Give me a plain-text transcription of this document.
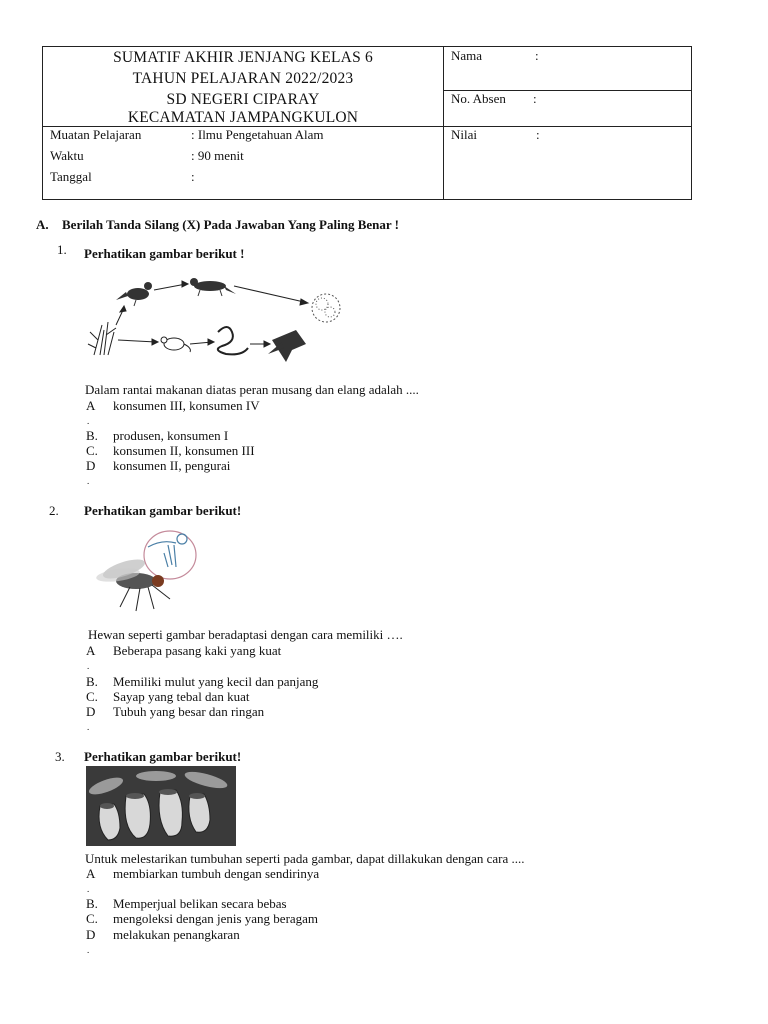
SUMATIF AKHIR JENJANG KELAS 6
TAHUN PELAJARAN 2022/2023
SD NEGERI CIPARAY
KECAMATAN JAMPANGKULON
Nama	:
No. Absen :
Nilai	:
Muatan Pelajaran	: Ilmu Pengetahuan Alam
Waktu	: 90 menit
Tanggal	:
A. Berilah Tanda Silang (X) Pada Jawaban Yang Paling Benar !
1. Perhatikan gambar berikut !
Dalam rantai makanan diatas peran musang dan elang adalah ....
A konsumen III, konsumen IV
.
B. produsen, konsumen I
C. konsumen II, konsumen III
D konsumen II, pengurai
.
2. Perhatikan gambar berikut!
Hewan seperti gambar beradaptasi dengan cara memiliki ….
A Beberapa pasang kaki yang kuat
.
B. Memiliki mulut yang kecil dan panjang
C. Sayap yang tebal dan kuat
D Tubuh yang besar dan ringan
.
3. Perhatikan gambar berikut!
Untuk melestarikan tumbuhan seperti pada gambar, dapat dillakukan dengan cara ....
A membiarkan tumbuh dengan sendirinya
.
B. Memperjual belikan secara bebas
C. mengoleksi dengan jenis yang beragam
D melakukan penangkaran
.
